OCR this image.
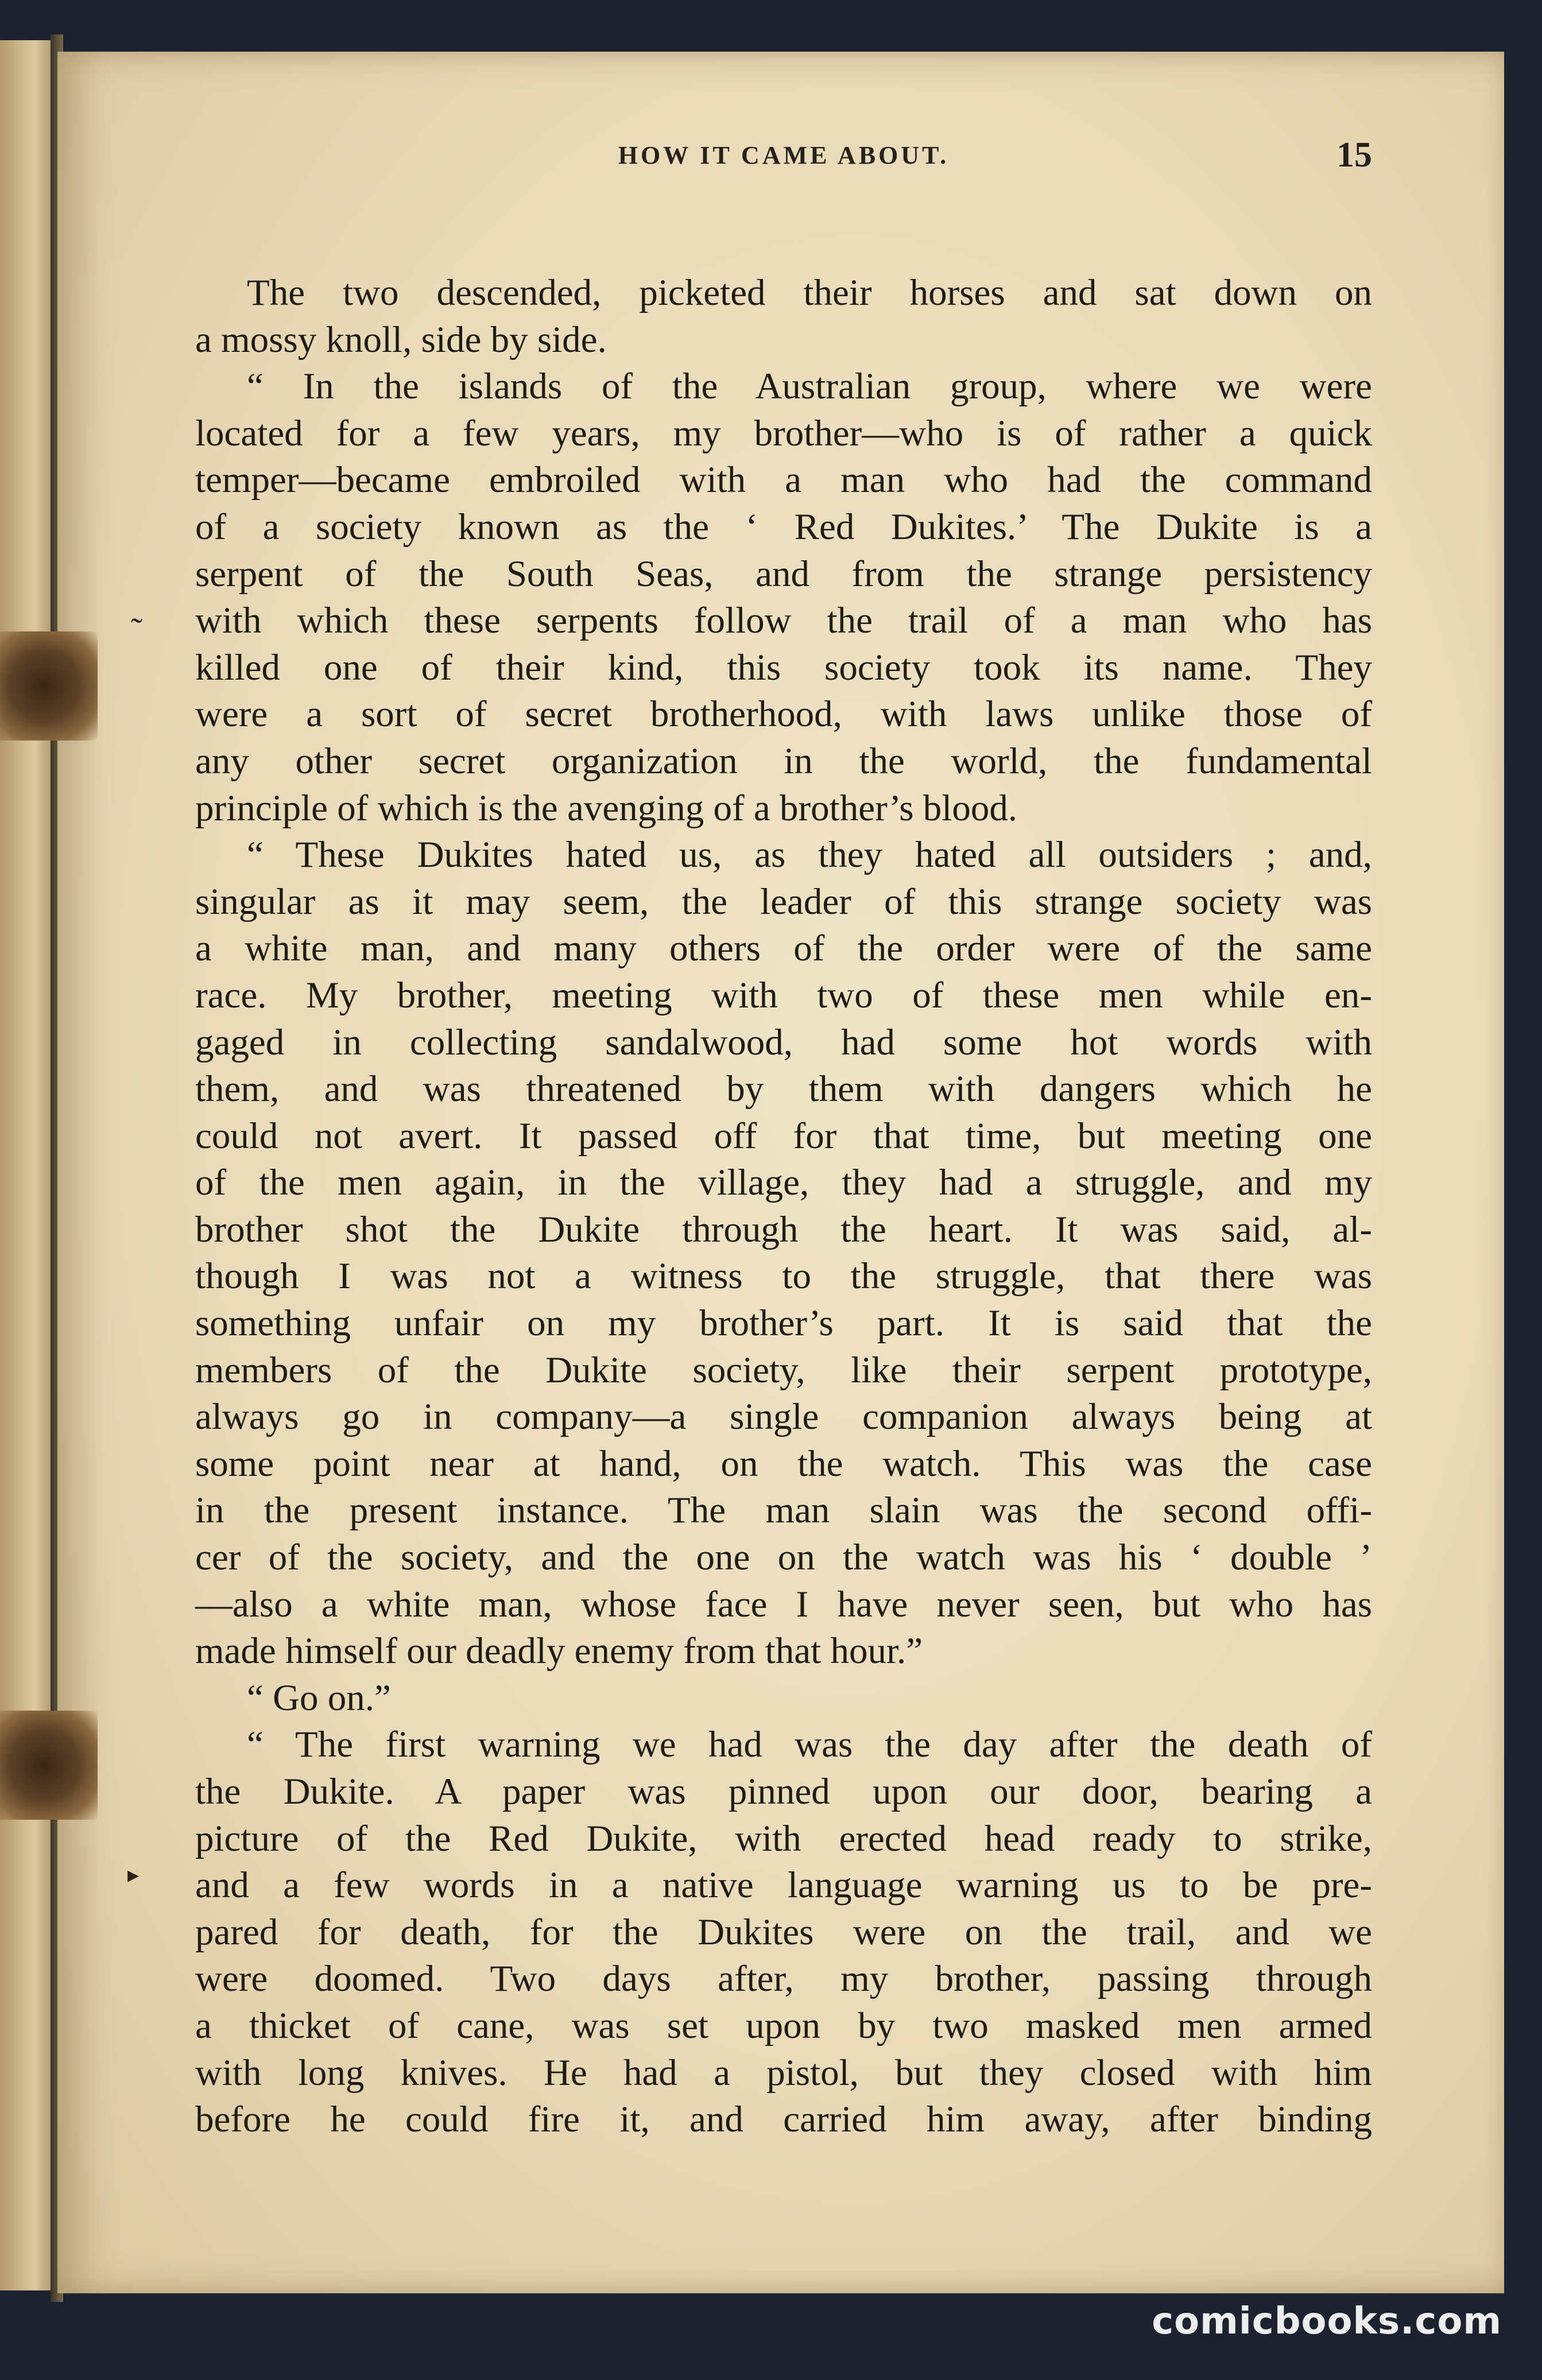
HOW IT CAME ABOUT.	15
The two descended, picketed their horses and sat down on
a mossy knoll, side by side.
“ In the islands of the Australian group, where we were
located for a few years, my brother—who is of rather a quick
temper—became embroiled with a man who had the command
of a society known as the ‘ Red Dukites.’ The Dukite is a
serpent of the South Seas, and from the strange persistency
with which these serpents follow the trail of a man who has
killed one of their kind, this society took its name. They
were a sort of secret brotherhood, with laws unlike those of
any other secret organization in the world, the fundamental
principle of which is the avenging of a brother’s blood.
“ These Dukites hated us, as they hated all outsiders ; and,
singular as it may seem, the leader of this strange society was
a white man, and many others of the order were of the same
race. My brother, meeting with two of these men while en-
gaged in collecting sandalwood, had some hot words with
them, and was threatened by them with dangers which he
could not avert. It passed off for that time, but meeting one
of the men again, in the village, they had a struggle, and my
brother shot the Dukite through the heart. It was said, al-
though I was not a witness to the struggle, that there was
something unfair on my brother’s part. It is said that the
members of the Dukite society, like their serpent prototype,
always go in company—a single companion always being at
some point near at hand, on the watch. This was the case
in the present instance. The man slain was the second offi-
cer of the society, and the one on the watch was his ‘ double ’
—also a white man, whose face I have never seen, but who has
made himself our deadly enemy from that hour.”
“ Go on.”
“ The first warning we had was the day after the death of
the Dukite. A paper was pinned upon our door, bearing a
picture of the Red Dukite, with erected head ready to strike,
and a few words in a native language warning us to be pre-
pared for death, for the Dukites were on the trail, and we
were doomed. Two days after, my brother, passing through
a thicket of cane, was set upon by two masked men armed
with long knives. He had a pistol, but they closed with him
before he could fire it, and carried him away, after binding
˜
▸
comicbooks.com
